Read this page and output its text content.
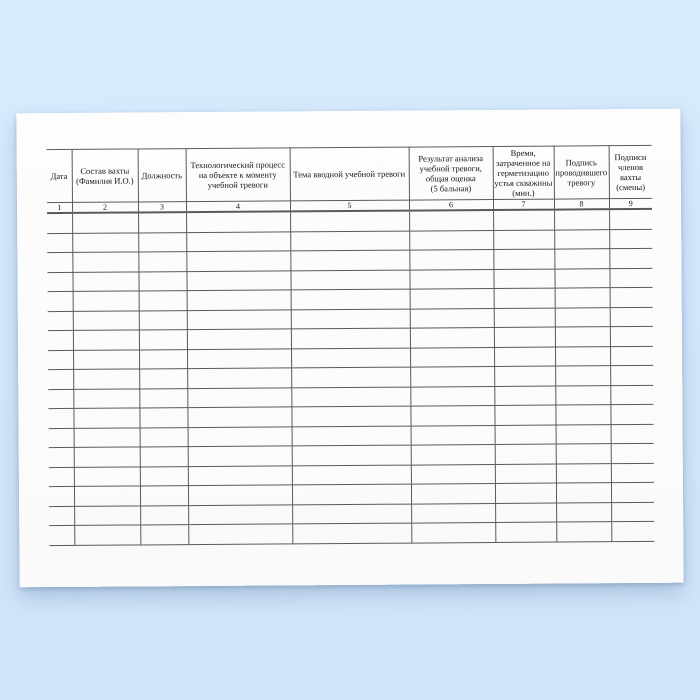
Дата	Состав вахты
(Фамилия И.О.)	Должность	Технологический процесс
на объекте к моменту
учебной тревоги	Тема вводной учебной тревоги	Результат анализа
учебной тревоги,
общая оценка
(5 бальная)	Время,
затраченное на
герметизацию
устья скважины
(мин.)	Подпись
проводившего
тревогу	Подписи
членов
вахты
(смены)
1	2	3	4	5	6	7	8	9
